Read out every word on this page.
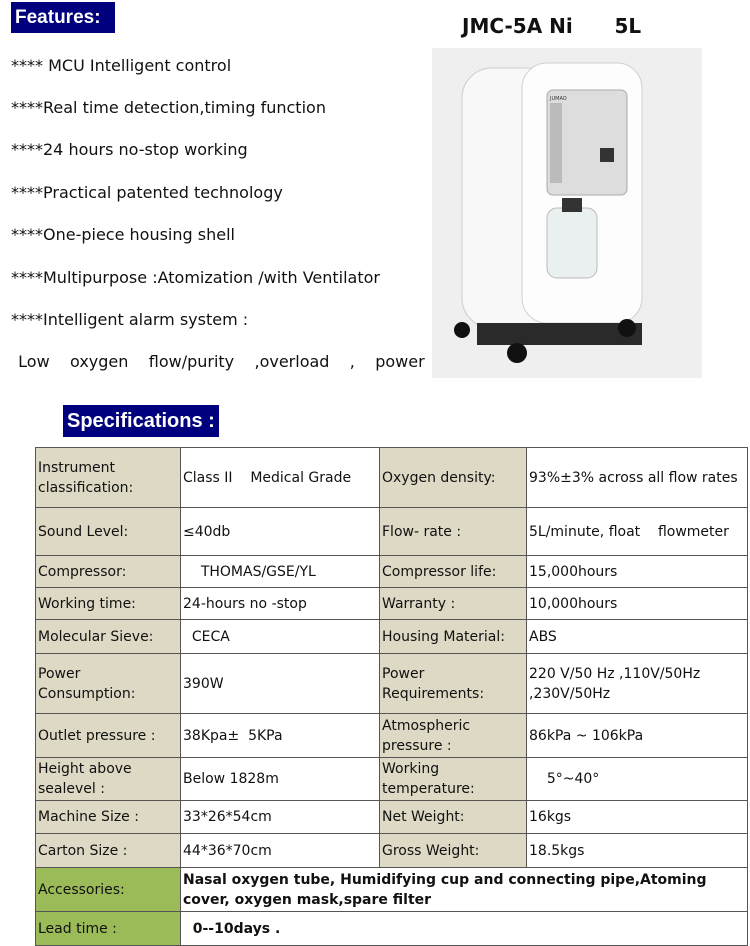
Features:
**** MCU Intelligent control
****Real time detection,timing function
****24 hours no-stop working
****Practical patented technology
****One-piece housing shell
****Multipurpose :Atomization /with Ventilator
****Intelligent alarm system :
Low    oxygen    flow/purity    ,overload    ,    power
JMC-5A Ni      5L
JUMAO
Specifications :
Instrument classification:	Class II    Medical Grade	Oxygen density:	93%±3% across all flow rates
Sound Level:	≤40db	Flow- rate :	5L/minute, float    flowmeter
Compressor:	THOMAS/GSE/YL	Compressor life:	15,000hours
Working time:	24-hours no -stop	Warranty :	10,000hours
Molecular Sieve:	CECA	Housing Material:	ABS
Power Consumption:	390W	Power Requirements:	220 V/50 Hz ,110V/50Hz ,230V/50Hz
Outlet pressure :	38Kpa±  5KPa	Atmospheric pressure :	86kPa ~ 106kPa
Height above sealevel :	Below 1828m	Working temperature:	5°~40°
Machine Size :	33*26*54cm	Net Weight:	16kgs
Carton Size :	44*36*70cm	Gross Weight:	18.5kgs
Accessories:	Nasal oxygen tube, Humidifying cup and connecting pipe,Atoming cover, oxygen mask,spare filter		
Lead time :	0--10days .		
